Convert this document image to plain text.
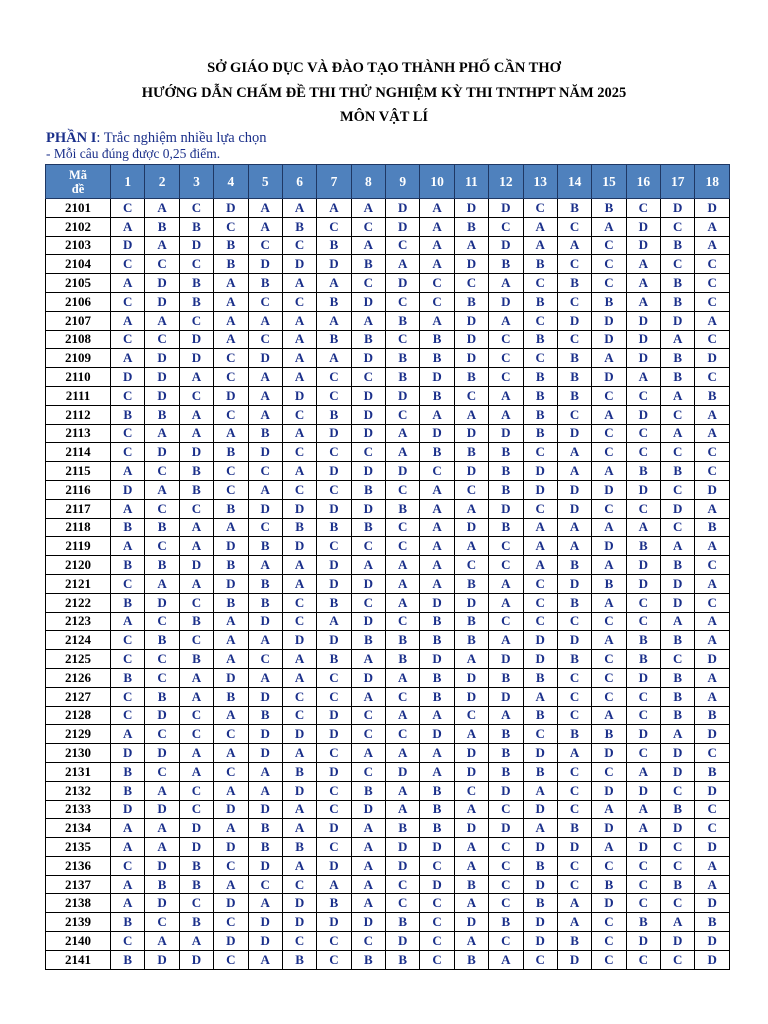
SỞ GIÁO DỤC VÀ ĐÀO TẠO THÀNH PHỐ CẦN THƠ
HƯỚNG DẪN CHẤM ĐỀ THI THỬ NGHIỆM KỲ THI TNTHPT NĂM 2025
MÔN VẬT LÍ
PHẦN I: Trắc nghiệm nhiều lựa chọn
- Mỗi câu đúng được 0,25 điểm.
Mã
đề	1	2	3	4	5	6	7	8	9	10	11	12	13	14	15	16	17	18
2101	C	A	C	D	A	A	A	A	D	A	D	D	C	B	B	C	D	D
2102	A	B	B	C	A	B	C	C	D	A	B	C	A	C	A	D	C	A
2103	D	A	D	B	C	C	B	A	C	A	A	D	A	A	C	D	B	A
2104	C	C	C	B	D	D	D	B	A	A	D	B	B	C	C	A	C	C
2105	A	D	B	A	B	A	A	C	D	C	C	A	C	B	C	A	B	C
2106	C	D	B	A	C	C	B	D	C	C	B	D	B	C	B	A	B	C
2107	A	A	C	A	A	A	A	A	B	A	D	A	C	D	D	D	D	A
2108	C	C	D	A	C	A	B	B	C	B	D	C	B	C	D	D	A	C
2109	A	D	D	C	D	A	A	D	B	B	D	C	C	B	A	D	B	D
2110	D	D	A	C	A	A	C	C	B	D	B	C	B	B	D	A	B	C
2111	C	D	C	D	A	D	C	D	D	B	C	A	B	B	C	C	A	B
2112	B	B	A	C	A	C	B	D	C	A	A	A	B	C	A	D	C	A
2113	C	A	A	A	B	A	D	D	A	D	D	D	B	D	C	C	A	A
2114	C	D	D	B	D	C	C	C	A	B	B	B	C	A	C	C	C	C
2115	A	C	B	C	C	A	D	D	D	C	D	B	D	A	A	B	B	C
2116	D	A	B	C	A	C	C	B	C	A	C	B	D	D	D	D	C	D
2117	A	C	C	B	D	D	D	D	B	A	A	D	C	D	C	C	D	A
2118	B	B	A	A	C	B	B	B	C	A	D	B	A	A	A	A	C	B
2119	A	C	A	D	B	D	C	C	C	A	A	C	A	A	D	B	A	A
2120	B	B	D	B	A	A	D	A	A	A	C	C	A	B	A	D	B	C
2121	C	A	A	D	B	A	D	D	A	A	B	A	C	D	B	D	D	A
2122	B	D	C	B	B	C	B	C	A	D	D	A	C	B	A	C	D	C
2123	A	C	B	A	D	C	A	D	C	B	B	C	C	C	C	C	A	A
2124	C	B	C	A	A	D	D	B	B	B	B	A	D	D	A	B	B	A
2125	C	C	B	A	C	A	B	A	B	D	A	D	D	B	C	B	C	D
2126	B	C	A	D	A	A	C	D	A	B	D	B	B	C	C	D	B	A
2127	C	B	A	B	D	C	C	A	C	B	D	D	A	C	C	C	B	A
2128	C	D	C	A	B	C	D	C	A	A	C	A	B	C	A	C	B	B
2129	A	C	C	C	D	D	D	C	C	D	A	B	C	B	B	D	A	D
2130	D	D	A	A	D	A	C	A	A	A	D	B	D	A	D	C	D	C
2131	B	C	A	C	A	B	D	C	D	A	D	B	B	C	C	A	D	B
2132	B	A	C	A	A	D	C	B	A	B	C	D	A	C	D	D	C	D
2133	D	D	C	D	D	A	C	D	A	B	A	C	D	C	A	A	B	C
2134	A	A	D	A	B	A	D	A	B	B	D	D	A	B	D	A	D	C
2135	A	A	D	D	B	B	C	A	D	D	A	C	D	D	A	D	C	D
2136	C	D	B	C	D	A	D	A	D	C	A	C	B	C	C	C	C	A
2137	A	B	B	A	C	C	A	A	C	D	B	C	D	C	B	C	B	A
2138	A	D	C	D	A	D	B	A	C	C	A	C	B	A	D	C	C	D
2139	B	C	B	C	D	D	D	D	B	C	D	B	D	A	C	B	A	B
2140	C	A	A	D	D	C	C	C	D	C	A	C	D	B	C	D	D	D
2141	B	D	D	C	A	B	C	B	B	C	B	A	C	D	C	C	C	D
